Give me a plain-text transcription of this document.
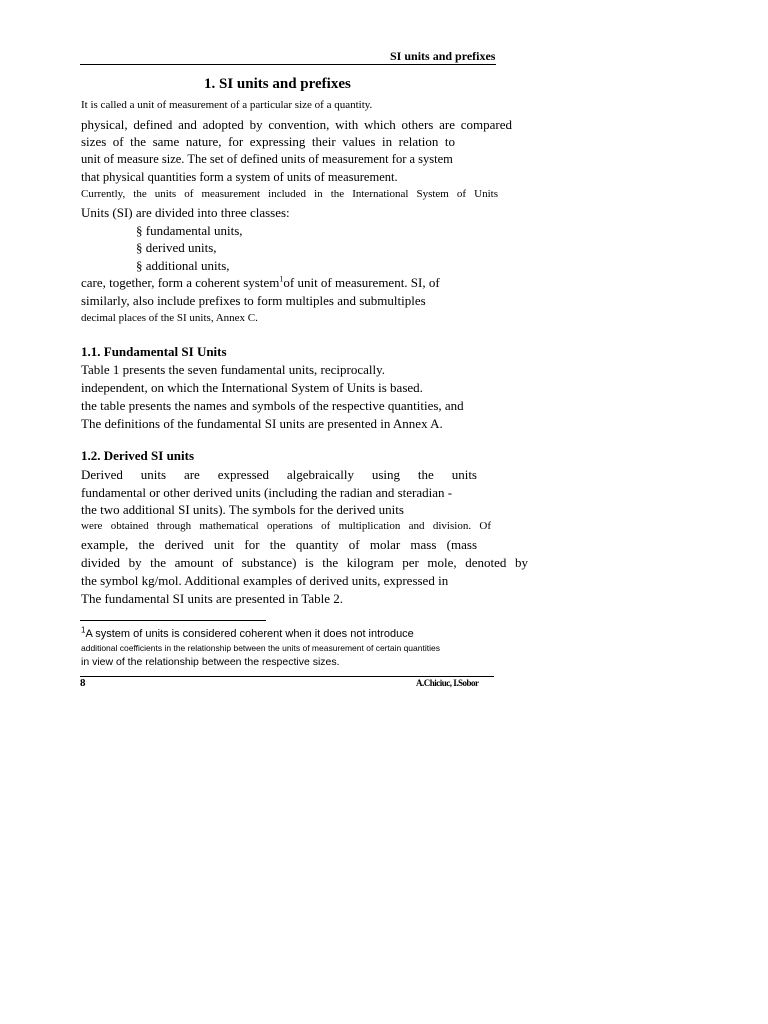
SI units and prefixes
1. SI units and prefixes
It is called a unit of measurement of a particular size of a quantity.
physical, defined and adopted by convention, with which others are compared
sizes of the same nature, for expressing their values in relation to
unit of measure size. The set of defined units of measurement for a system
that physical quantities form a system of units of measurement.
Currently, the units of measurement included in the International System of Units
Units (SI) are divided into three classes:
§ fundamental units,
§ derived units,
§ additional units,
care, together, form a coherent system$^1$of unit of measurement. SI, of
similarly, also include prefixes to form multiples and submultiples
decimal places of the SI units, Annex C.
1.1. Fundamental SI Units
Table 1 presents the seven fundamental units, reciprocally.
independent, on which the International System of Units is based.
the table presents the names and symbols of the respective quantities, and
The definitions of the fundamental SI units are presented in Annex A.
1.2. Derived SI units
Derived units are expressed algebraically using the units
fundamental or other derived units (including the radian and steradian -
the two additional SI units). The symbols for the derived units
were obtained through mathematical operations of multiplication and division. Of
example, the derived unit for the quantity of molar mass (mass
divided by the amount of substance) is the kilogram per mole, denoted by
the symbol kg/mol. Additional examples of derived units, expressed in
The fundamental SI units are presented in Table 2.
$^1$A system of units is considered coherent when it does not introduce
additional coefficients in the relationship between the units of measurement of certain quantities
in view of the relationship between the respective sizes.
8	A.Chiciuc, I.Sobor
